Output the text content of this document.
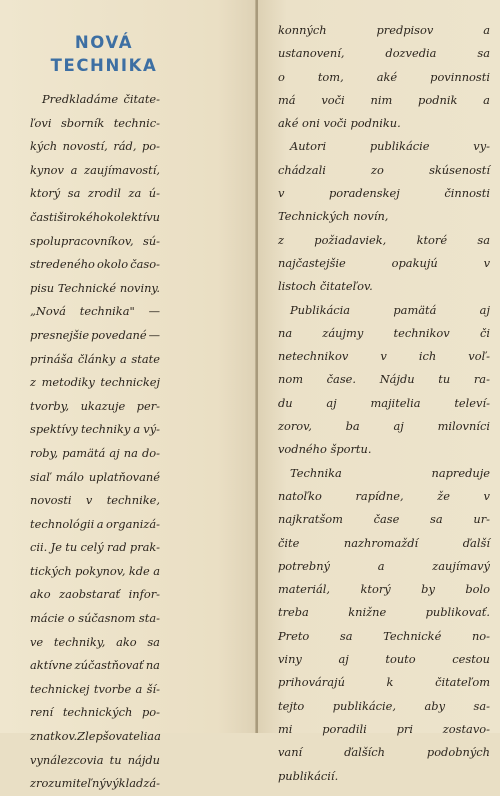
NOVÁ
TECHNIKA
Predkladáme čitate-
ľovi sborník technic-
kých novostí, rád, po-
kynov a zaujímavostí,
ktorý sa zrodil za ú-
časti širokého kolektívu
spolupracovníkov, sú-
stredeného okolo časo-
pisu Technické noviny.
„Nová technika" —
presnejšie povedané —
prináša články a state
z metodiky technickej
tvorby, ukazuje per-
spektívy techniky a vý-
roby, pamätá aj na do-
siaľ málo uplatňované
novosti v technike,
technológii a organizá-
cii. Je tu celý rad prak-
tických pokynov, kde a
ako zaobstarať infor-
mácie o súčasnom sta-
ve techniky, ako sa
aktívne zúčastňovať na
technickej tvorbe a ší-
rení technických po-
znatkov. Zlepšovatelia a
vynálezcovia tu nájdu
zrozumiteľný výklad zá-
konných	predpisov	a
ustanovení,	dozvedia	sa
o	tom,	aké	povinnosti
má voči nim podnik a
aké oni voči podniku.
Autori	publikácie	vy-
chádzali	zo	skúseností
v	poradenskej	činnosti
Technických novín,
z	požiadaviek,	ktoré	sa
najčastejšie	opakujú	v
listoch čitateľov.
Publikácia	pamätá	aj
na	záujmy	technikov	či
netechnikov	v	ich	voľ-
nom čase. Nájdu tu ra-
du	aj	majitelia	televí-
zorov,	ba	aj	milovníci
vodného športu.
Technika	napreduje
natoľko	rapídne,	že	v
najkratšom	čase	sa	ur-
čite	nazhromaždí	ďalší
potrebný	a	zaujímavý
materiál,	ktorý	by	bolo
treba	knižne	publikovať.
Preto	sa	Technické	no-
viny	aj	touto	cestou
prihovárajú	k	čitateľom
tejto publikácie, aby sa-
mi	poradili	pri	zostavo-
vaní	ďalších	podobných
publikácií.
